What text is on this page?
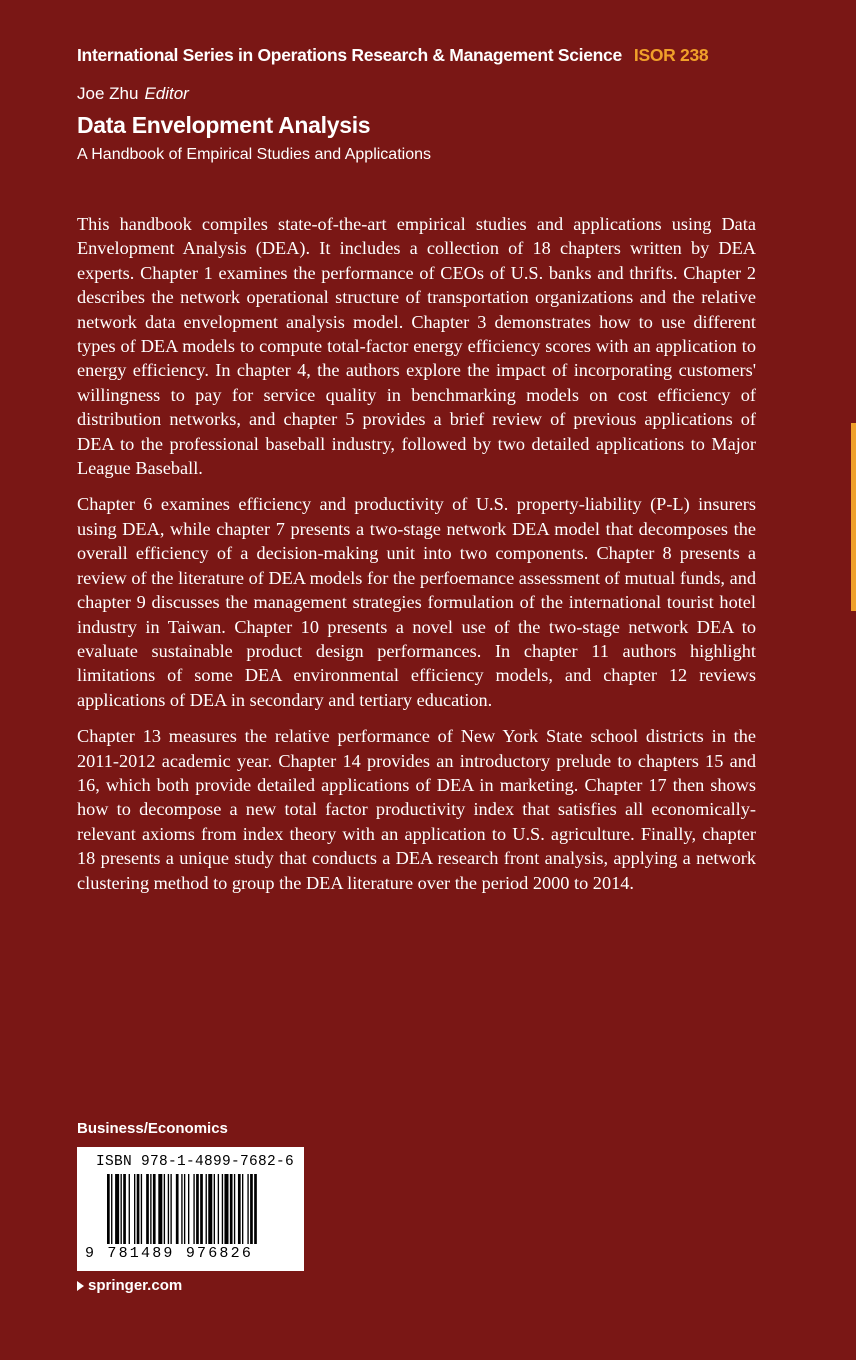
International Series in Operations Research & Management Science ISOR 238
Joe Zhu Editor
Data Envelopment Analysis
A Handbook of Empirical Studies and Applications

This handbook compiles state-of-the-art empirical studies and applications using Data Envelopment Analysis (DEA). It includes a collection of 18 chapters written by DEA experts. Chapter 1 examines the performance of CEOs of U.S. banks and thrifts. Chapter 2 describes the network operational structure of transportation organizations and the relative network data envelopment analysis model. Chapter 3 demonstrates how to use different types of DEA models to compute total-factor energy efficiency scores with an application to energy efficiency. In chapter 4, the authors explore the impact of incorporating customers' willingness to pay for service quality in benchmarking models on cost efficiency of distribution networks, and chapter 5 provides a brief review of previous applications of DEA to the professional baseball industry, followed by two detailed applications to Major League Baseball.

Chapter 6 examines efficiency and productivity of U.S. property-liability (P-L) insurers using DEA, while chapter 7 presents a two-stage network DEA model that decomposes the overall efficiency of a decision-making unit into two components. Chapter 8 presents a review of the literature of DEA models for the perfoemance assessment of mutual funds, and chapter 9 discusses the management strategies formulation of the international tourist hotel industry in Taiwan. Chapter 10 presents a novel use of the two-stage network DEA to evaluate sustainable product design performances. In chapter 11 authors highlight limitations of some DEA environmental efficiency models, and chapter 12 reviews applications of DEA in secondary and tertiary education.

Chapter 13 measures the relative performance of New York State school districts in the 2011-2012 academic year. Chapter 14 provides an introductory prelude to chapters 15 and 16, which both provide detailed applications of DEA in marketing. Chapter 17 then shows how to decompose a new total factor productivity index that satisfies all economically-relevant axioms from index theory with an application to U.S. agriculture. Finally, chapter 18 presents a unique study that conducts a DEA research front analysis, applying a network clustering method to group the DEA literature over the period 2000 to 2014.

Business/Economics
ISBN 978-1-4899-7682-6
9 781489 976826
springer.com
